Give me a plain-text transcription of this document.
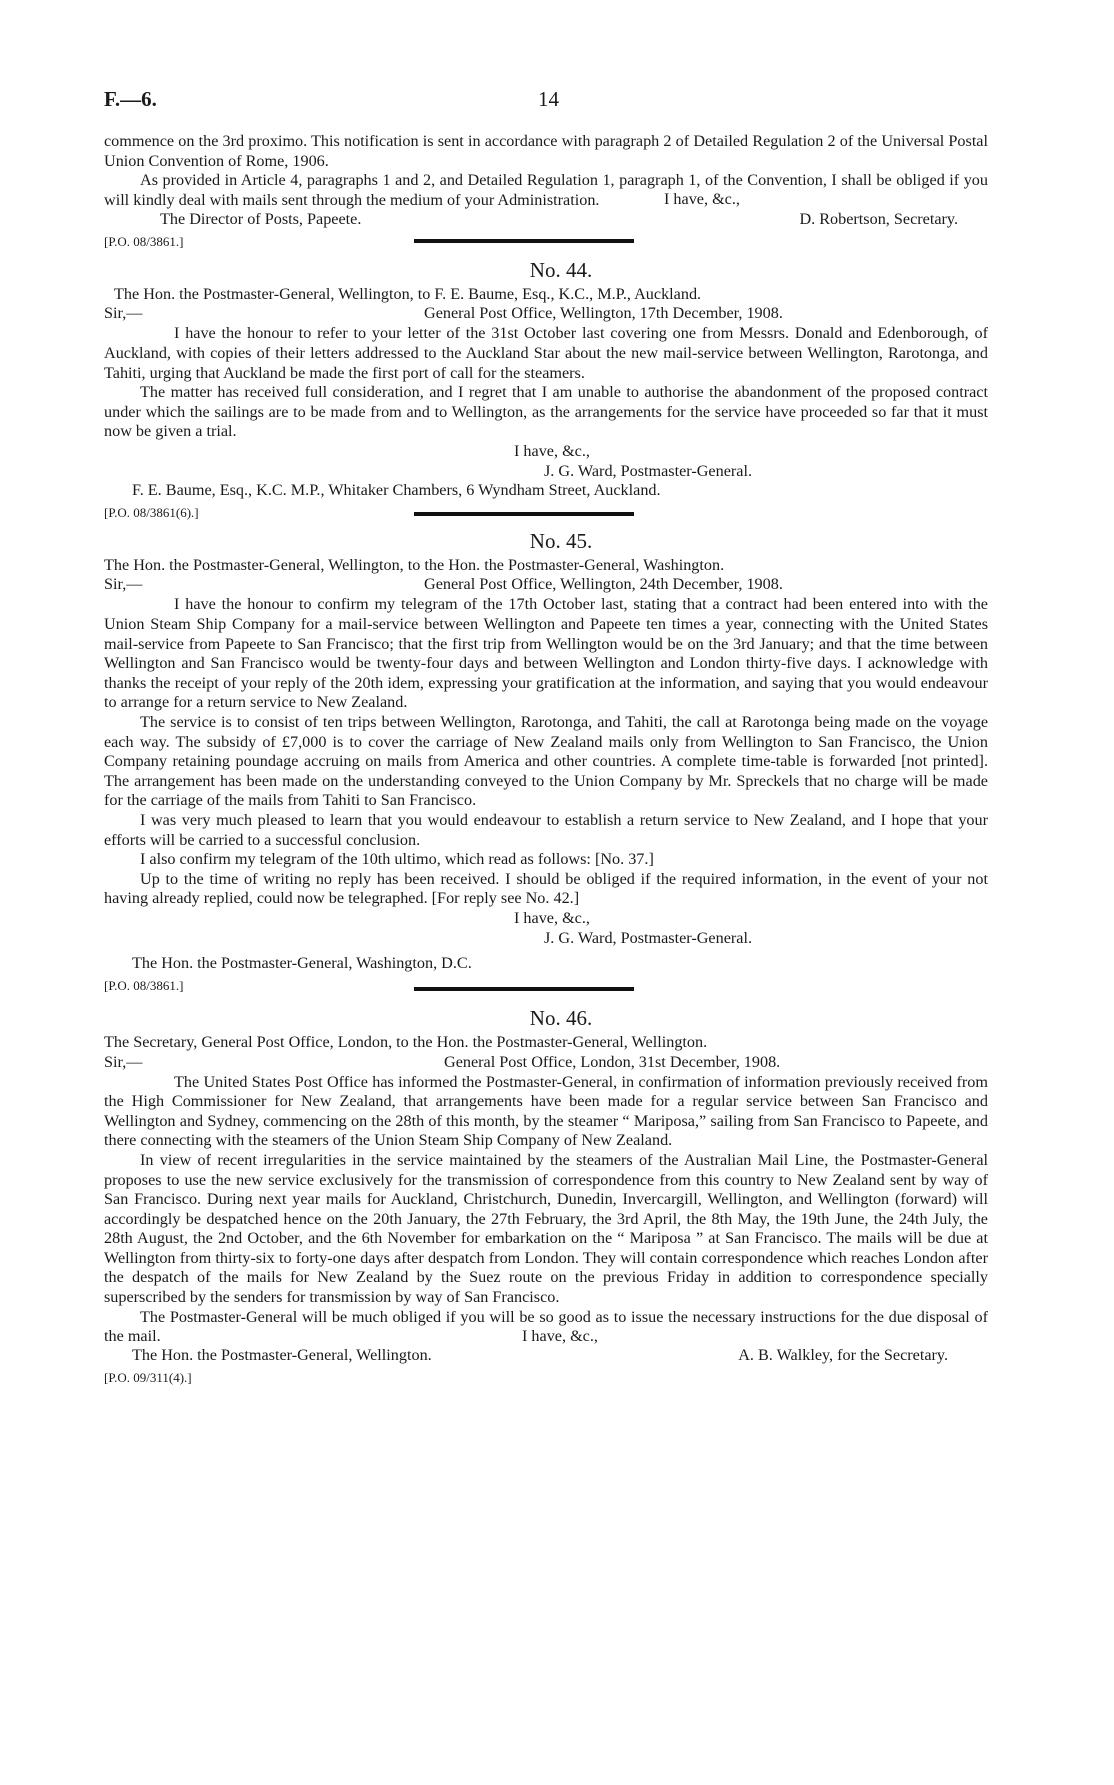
F.—6.	14

commence on the 3rd proximo. This notification is sent in accordance with paragraph 2 of Detailed Regulation 2 of the Universal Postal Union Convention of Rome, 1906.

As provided in Article 4, paragraphs 1 and 2, and Detailed Regulation 1, paragraph 1, of the Convention, I shall be obliged if you will kindly deal with mails sent through the medium of your Administration.	I have, &c.,
The Director of Posts, Papeete.	D. Robertson, Secretary.
[P.O. 08/3861.]
No. 44.

The Hon. the Postmaster-General, Wellington, to F. E. Baume, Esq., K.C., M.P., Auckland.

Sir,—	General Post Office, Wellington, 17th December, 1908.

I have the honour to refer to your letter of the 31st October last covering one from Messrs. Donald and Edenborough, of Auckland, with copies of their letters addressed to the Auckland Star about the new mail-service between Wellington, Rarotonga, and Tahiti, urging that Auckland be made the first port of call for the steamers.

The matter has received full consideration, and I regret that I am unable to authorise the abandonment of the proposed contract under which the sailings are to be made from and to Wellington, as the arrangements for the service have proceeded so far that it must now be given a trial.

I have, &c.,
J. G. Ward, Postmaster-General.
F. E. Baume, Esq., K.C. M.P., Whitaker Chambers, 6 Wyndham Street, Auckland.
[P.O. 08/3861(6).]
No. 45.

The Hon. the Postmaster-General, Wellington, to the Hon. the Postmaster-General, Washington.

Sir,—	General Post Office, Wellington, 24th December, 1908.

I have the honour to confirm my telegram of the 17th October last, stating that a contract had been entered into with the Union Steam Ship Company for a mail-service between Wellington and Papeete ten times a year, connecting with the United States mail-service from Papeete to San Francisco; that the first trip from Wellington would be on the 3rd January; and that the time between Wellington and San Francisco would be twenty-four days and between Wellington and London thirty-five days. I acknowledge with thanks the receipt of your reply of the 20th idem, expressing your gratification at the information, and saying that you would endeavour to arrange for a return service to New Zealand.

The service is to consist of ten trips between Wellington, Rarotonga, and Tahiti, the call at Rarotonga being made on the voyage each way. The subsidy of £7,000 is to cover the carriage of New Zealand mails only from Wellington to San Francisco, the Union Company retaining poundage accruing on mails from America and other countries. A complete time-table is forwarded [not printed]. The arrangement has been made on the understanding conveyed to the Union Company by Mr. Spreckels that no charge will be made for the carriage of the mails from Tahiti to San Francisco.

I was very much pleased to learn that you would endeavour to establish a return service to New Zealand, and I hope that your efforts will be carried to a successful conclusion.

I also confirm my telegram of the 10th ultimo, which read as follows: [No. 37.]

Up to the time of writing no reply has been received. I should be obliged if the required information, in the event of your not having already replied, could now be telegraphed. [For reply see No. 42.]

I have, &c.,
J. G. Ward, Postmaster-General.
The Hon. the Postmaster-General, Washington, D.C.
[P.O. 08/3861.]
No. 46.

The Secretary, General Post Office, London, to the Hon. the Postmaster-General, Wellington.

Sir,—	General Post Office, London, 31st December, 1908.

The United States Post Office has informed the Postmaster-General, in confirmation of information previously received from the High Commissioner for New Zealand, that arrangements have been made for a regular service between San Francisco and Wellington and Sydney, commencing on the 28th of this month, by the steamer “ Mariposa,” sailing from San Francisco to Papeete, and there connecting with the steamers of the Union Steam Ship Company of New Zealand.

In view of recent irregularities in the service maintained by the steamers of the Australian Mail Line, the Postmaster-General proposes to use the new service exclusively for the transmission of correspondence from this country to New Zealand sent by way of San Francisco. During next year mails for Auckland, Christchurch, Dunedin, Invercargill, Wellington, and Wellington (forward) will accordingly be despatched hence on the 20th January, the 27th February, the 3rd April, the 8th May, the 19th June, the 24th July, the 28th August, the 2nd October, and the 6th November for embarkation on the “ Mariposa ” at San Francisco. The mails will be due at Wellington from thirty-six to forty-one days after despatch from London. They will contain correspondence which reaches London after the despatch of the mails for New Zealand by the Suez route on the previous Friday in addition to correspondence specially superscribed by the senders for transmission by way of San Francisco.

The Postmaster-General will be much obliged if you will be so good as to issue the necessary instructions for the due disposal of the mail.	I have, &c.,
The Hon. the Postmaster-General, Wellington.	A. B. Walkley, for the Secretary.
[P.O. 09/311(4).]
